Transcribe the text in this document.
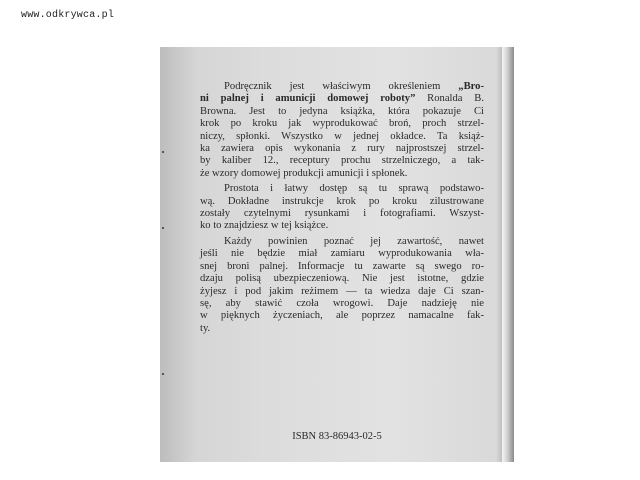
www.odkrywca.pl
Podręcznik jest właściwym określeniem „Bro-
ni palnej i amunicji domowej roboty” Ronalda B.
Browna. Jest to jedyna książka, która pokazuje Ci
krok po kroku jak wyprodukować broń, proch strzel-
niczy, spłonki. Wszystko w jednej okładce. Ta książ-
ka zawiera opis wykonania z rury najprostszej strzel-
by kaliber 12., receptury prochu strzelniczego, a tak-
że wzory domowej produkcji amunicji i spłonek.
Prostota i łatwy dostęp są tu sprawą podstawo-
wą. Dokładne instrukcje krok po kroku zilustrowane
zostały czytelnymi rysunkami i fotografiami. Wszyst-
ko to znajdziesz w tej książce.
Każdy powinien poznać jej zawartość, nawet
jeśli nie będzie miał zamiaru wyprodukowania wła-
snej broni palnej. Informacje tu zawarte są swego ro-
dzaju polisą ubezpieczeniową. Nie jest istotne, gdzie
żyjesz i pod jakim reżimem — ta wiedza daje Ci szan-
sę, aby stawić czoła wrogowi. Daje nadzieję nie
w pięknych życzeniach, ale poprzez namacalne fak-
ty.
ISBN 83-86943-02-5
